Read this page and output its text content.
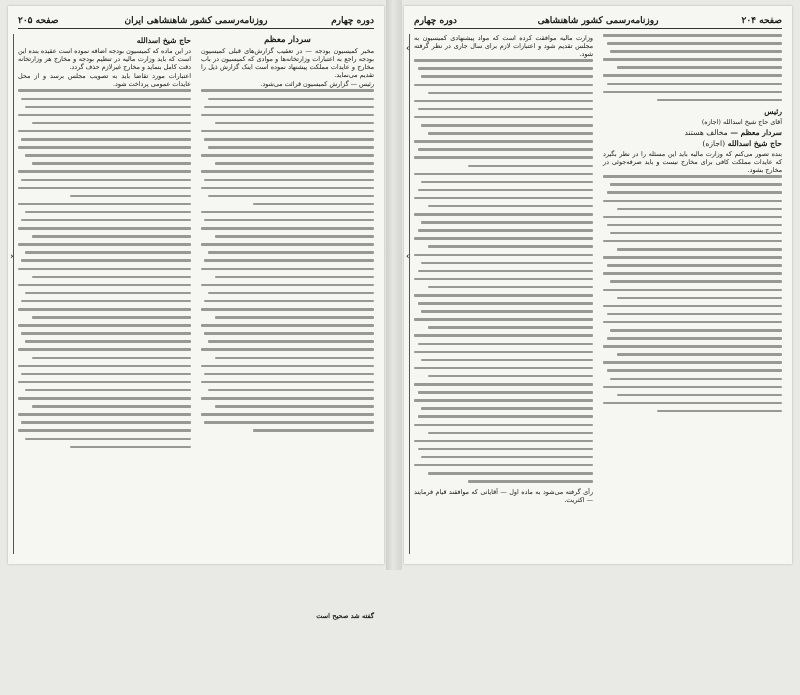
دوره چهارم
روزنامه‌رسمی کشور شاهنشاهی ایران
صفحه ۲۰۵
سردار معظم

مخبر کمیسیون بودجه — در تعقیب گزارش‌های قبلی کمیسیون بودجه راجع به اعتبارات وزارتخانه‌ها و موادی که کمیسیون در باب مخارج و عایدات مملکت پیشنهاد نموده است اینک گزارش ذیل را تقدیم می‌نماید.

رئیس — گزارش کمیسیون قرائت می‌شود.

گفته شد صحیح است
حاج شیخ اسدالله

در این ماده که کمیسیون بودجه اضافه نموده است عقیده بنده این است که باید وزارت مالیه در تنظیم بودجه و مخارج هر وزارتخانه دقت کامل بنماید و مخارج غیرلازم حذف گردد.

اعتبارات مورد تقاضا باید به تصویب مجلس برسد و از محل عایدات عمومی پرداخت شود.

‹
صفحه ۲۰۴
روزنامه‌رسمی کشور شاهنشاهی
دوره چهارم
رئیس

آقای حاج شیخ اسدالله (اجازه)

سردار معظم — مخالف هستند
حاج شیخ اسدالله (اجازه)

بنده تصور می‌کنم که وزارت مالیه باید این مسئله را در نظر بگیرد که عایدات مملکت کافی برای مخارج نیست و باید صرفه‌جوئی در مخارج بشود.

وزارت مالیه موافقت کرده است که مواد پیشنهادی کمیسیون به مجلس تقدیم شود و اعتبارات لازم برای سال جاری در نظر گرفته شود.

رأی گرفته می‌شود به ماده اول — آقایانی که موافقند قیام فرمایند — اکثریت.

›
›
